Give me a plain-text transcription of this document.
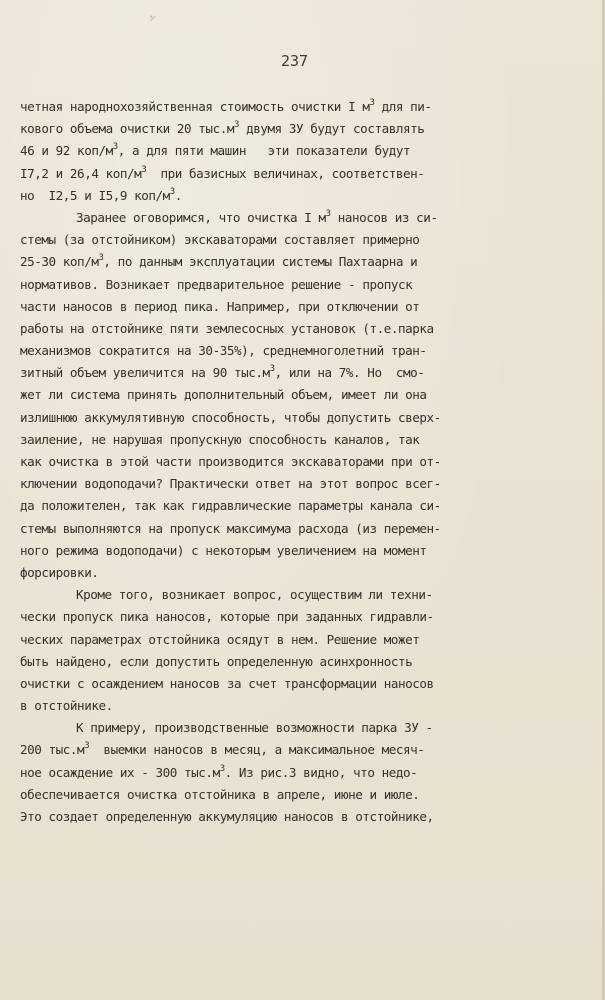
237
четная народнохозяйственная стоимость очистки I $м^3$ для пи-
кового объема очистки 20 $тыс.м^3$ двумя ЗУ будут составлять
46 и 92 коп/$м^3$, а для пяти машин   эти показатели будут
I7,2 и 26,4 коп/$м^3$  при базисных величинах, соответствен-
но  I2,5 и I5,9 коп/$м^3$.
Заранее оговоримся, что очистка I $м^3$ наносов из си-
стемы (за отстойником) экскаваторами составляет примерно
25-30 коп/$м^3$, по данным эксплуатации системы Пахтаарна и
нормативов. Возникает предварительное решение - пропуск
части наносов в период пика. Например, при отключении от
работы на отстойнике пяти землесосных установок (т.е.парка
механизмов сократится на 30-35%), среднемноголетний тран-
зитный объем увеличится на 90 $тыс.м^3$, или на 7%. Но  смо-
жет ли система принять дополнительный объем, имеет ли она
излишнюю аккумулятивную способность, чтобы допустить сверх-
заиление, не нарушая пропускную способность каналов, так
как очистка в этой части производится экскаваторами при от-
ключении водоподачи? Практически ответ на этот вопрос всег-
да положителен, так как гидравлические параметры канала си-
стемы выполняются на пропуск максимума расхода (из перемен-
ного режима водоподачи) с некоторым увеличением на момент
форсировки.
Кроме того, возникает вопрос, осуществим ли техни-
чески пропуск пика наносов, которые при заданных гидравли-
ческих параметрах отстойника осядут в нем. Решение может
быть найдено, если допустить определенную асинхронность
очистки с осаждением наносов за счет трансформации наносов
в отстойнике.
К примеру, производственные возможности парка ЗУ -
200 $тыс.м^3$  выемки наносов в месяц, а максимальное месяч-
ное осаждение их - 300 $тыс.м^3$. Из рис.3 видно, что недо-
обеспечивается очистка отстойника в апреле, июне и июле.
Это создает определенную аккумуляцию наносов в отстойнике,
